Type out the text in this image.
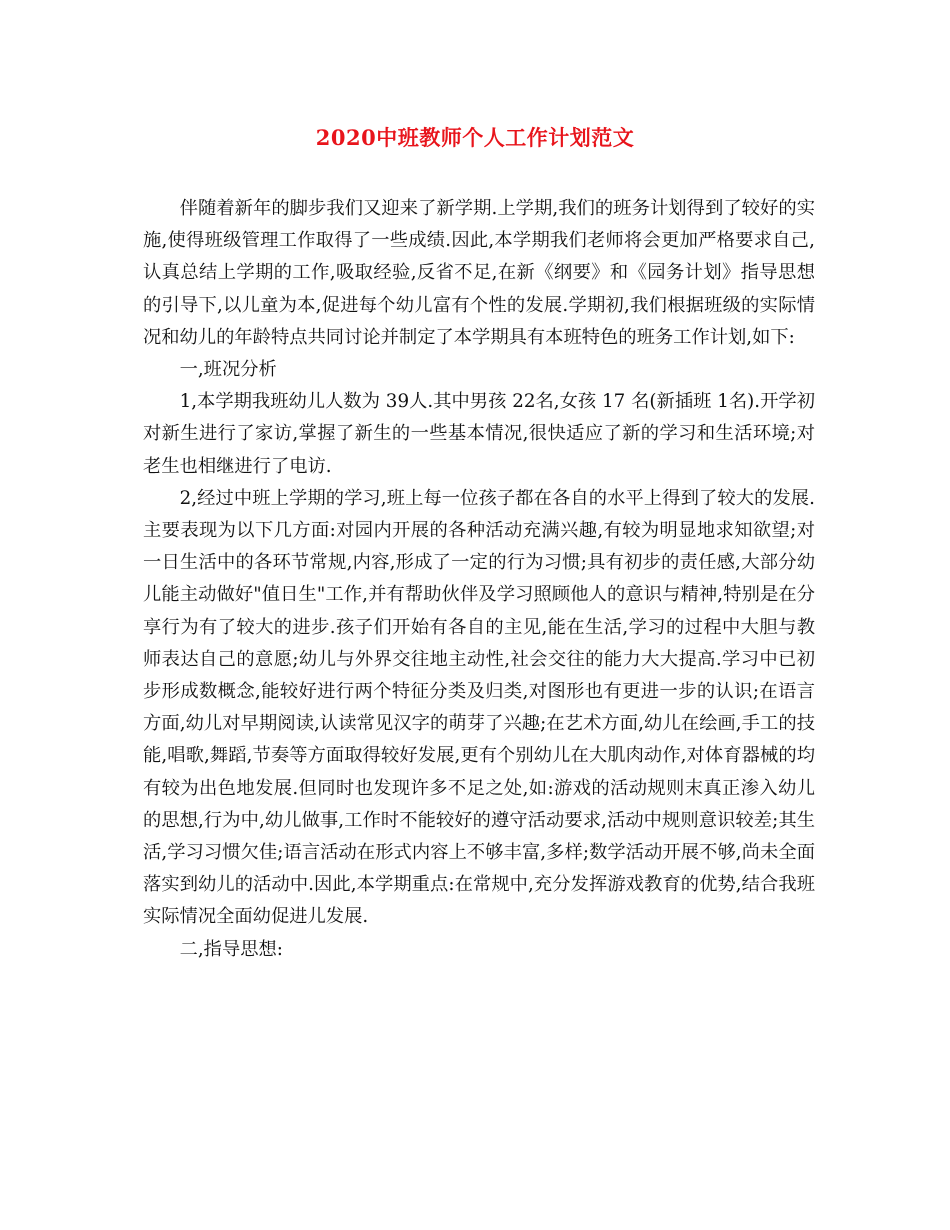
2020中班教师个人工作计划范文

伴随着新年的脚步我们又迎来了新学期.上学期,我们的班务计划得到了较好的实施,使得班级管理工作取得了一些成绩.因此,本学期我们老师将会更加严格要求自己,认真总结上学期的工作,吸取经验,反省不足,在新《纲要》和《园务计划》指导思想的引导下,以儿童为本,促进每个幼儿富有个性的发展.学期初,我们根据班级的实际情况和幼儿的年龄特点共同讨论并制定了本学期具有本班特色的班务工作计划,如下:

一,班况分析

1,本学期我班幼儿人数为 39人.其中男孩 22名,女孩 17 名(新插班 1名).开学初对新生进行了家访,掌握了新生的一些基本情况,很快适应了新的学习和生活环境;对老生也相继进行了电访.

2,经过中班上学期的学习,班上每一位孩子都在各自的水平上得到了较大的发展.主要表现为以下几方面:对园内开展的各种活动充满兴趣,有较为明显地求知欲望;对一日生活中的各环节常规,内容,形成了一定的行为习惯;具有初步的责任感,大部分幼儿能主动做好"值日生"工作,并有帮助伙伴及学习照顾他人的意识与精神,特别是在分享行为有了较大的进步.孩子们开始有各自的主见,能在生活,学习的过程中大胆与教师表达自己的意愿;幼儿与外界交往地主动性,社会交往的能力大大提高.学习中已初步形成数概念,能较好进行两个特征分类及归类,对图形也有更进一步的认识;在语言方面,幼儿对早期阅读,认读常见汉字的萌芽了兴趣;在艺术方面,幼儿在绘画,手工的技能,唱歌,舞蹈,节奏等方面取得较好发展,更有个别幼儿在大肌肉动作,对体育器械的均有较为出色地发展.但同时也发现许多不足之处,如:游戏的活动规则末真正渗入幼儿的思想,行为中,幼儿做事,工作时不能较好的遵守活动要求,活动中规则意识较差;其生活,学习习惯欠佳;语言活动在形式内容上不够丰富,多样;数学活动开展不够,尚未全面落实到幼儿的活动中.因此,本学期重点:在常规中,充分发挥游戏教育的优势,结合我班实际情况全面幼促进儿发展.

二,指导思想:
